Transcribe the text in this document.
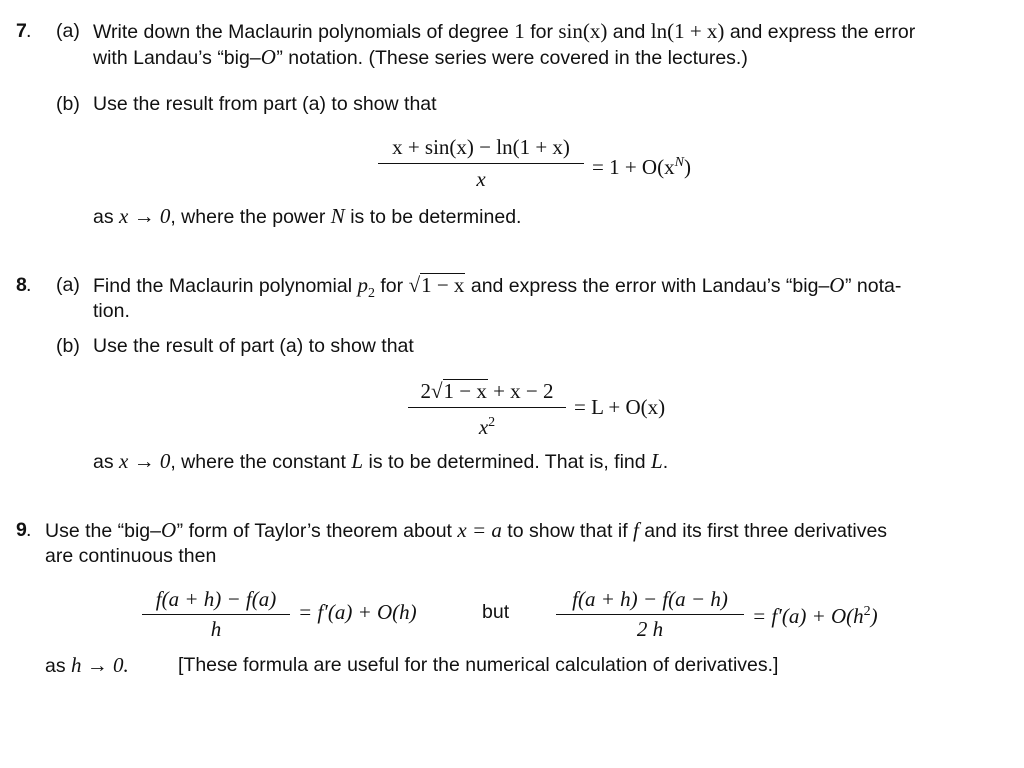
7 . (a) Write down the Maclaurin polynomials of degree 1 for sin(x) and ln(1 + x) and express the error
with Landau’s “big–O” notation. (These series were covered in the lectures.)
(b) Use the result from part (a) to show that
x + sin(x) − ln(1 + x)
x	= $1 + O(x^N)$
as x → 0, where the power N is to be determined.
8 . (a) Find the Maclaurin polynomial $p_2$ for √1 − x and express the error with Landau’s “big–O” nota-
tion.
(b) Use the result of part (a) to show that
2√1 − x + x − 2
$x^2$
= L + O(x)
as x → 0, where the constant L is to be determined. That is, find L.
9 . Use the “big–O” form of Taylor’s theorem about x = a to show that if f and its first three derivatives
are continuous then
f(a + h) − f(a)
h
= f′(a) + O(h)	but
f(a + h) − f(a − h)
2 h
= $f'(a) + O(h^2)$
as h → 0.	[These formula are useful for the numerical calculation of derivatives.]
